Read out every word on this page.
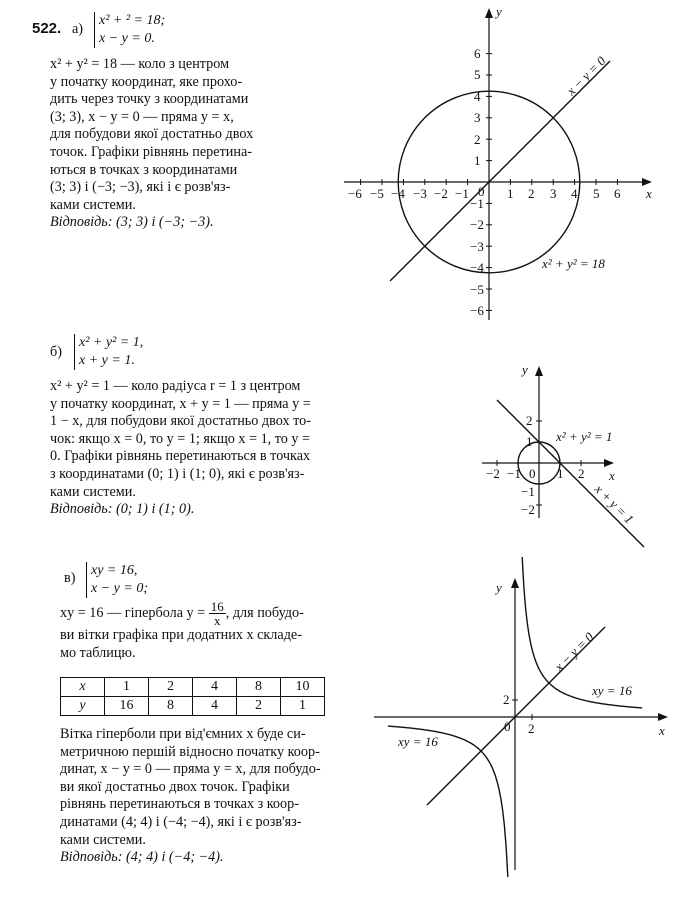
522. а)
x² + ² = 18;
x − y = 0.
x² + y² = 18 — коло з центром
у початку координат, яке прохо-
дить через точку з координатами
(3; 3), x − y = 0 — пряма y = x,
для побудови якої достатньо двох
точок. Графіки рівнянь перетина-
ються в точках з координатами
(3; 3) і (−3; −3), які і є розв'яз-
ками системи.
Відповідь: (3; 3) і (−3; −3).
−6 −5 −4 −3 −2 −1	1 2 3 4 5 6
6
5
4
3
2
1
−1
−2
−3
−4
−5
−6
0
y
x
x − y = 0
x² + y² = 18
б)
x² + y² = 1,
x + y = 1.
x² + y² = 1 — коло радіуса r = 1 з центром
у початку координат, x + y = 1 — пряма y =
1 − x, для побудови якої достатньо двох то-
чок: якщо x = 0, то y = 1; якщо x = 1, то y =
0. Графіки рівнянь перетинаються в точках
з координатами (0; 1) і (1; 0), які є розв'яз-
ками системи.
Відповідь: (0; 1) і (1; 0).
−2 −1	1 2
2
1
−1
−2
0
y
x
x² + y² = 1
x + y = 1
в) xy = 16,
x − y = 0;
xy = 16 — гіпербола $y = \frac{16}{x}$ , для побудо-
ви вітки графіка при додатних x складе-
мо таблицю.
x	1	2	4	8	10
y	16	8	4	2	1
Вітка гіперболи при від'ємних x буде си-
метричною першій відносно початку коор-
динат, x − y = 0 — пряма y = x, для побудо-
ви якої достатньо двох точок. Графіки
рівнянь перетинаються в точках з коор-
динатами (4; 4) і (−4; −4), які і є розв'яз-
ками системи.
Відповідь: (4; 4) і (−4; −4).
2
2
0
y
x
x − y = 0
xy = 16
xy = 16
